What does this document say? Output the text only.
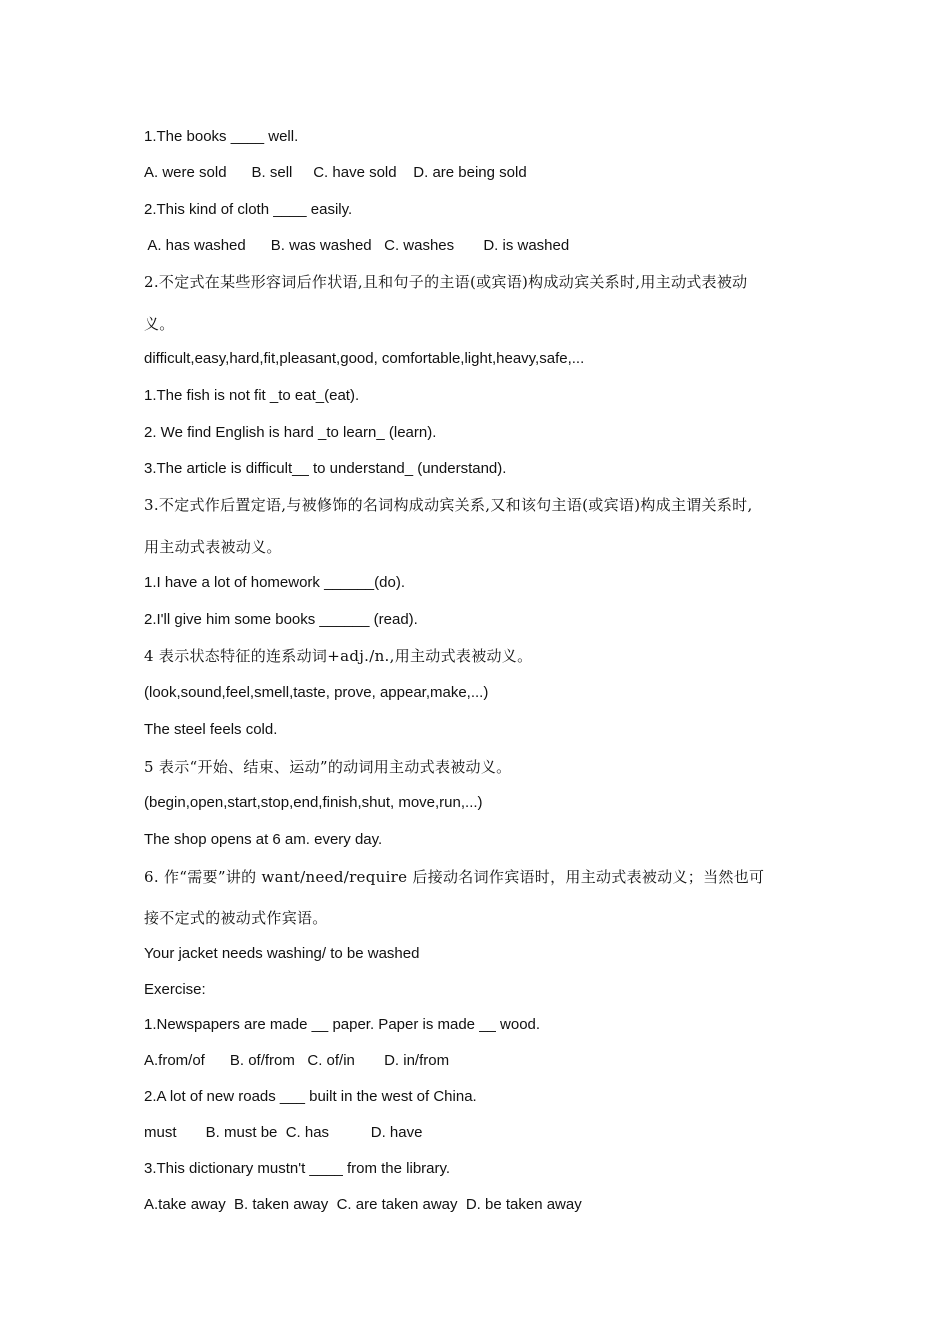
1.The books ____ well.
A. were sold      B. sell     C. have sold    D. are being sold
2.This kind of cloth ____ easily.
A. has washed      B. was washed   C. washes       D. is washed
2.不定式在某些形容词后作状语,且和句子的主语(或宾语)构成动宾关系时,用主动式表被动
义。
difficult,easy,hard,fit,pleasant,good, comfortable,light,heavy,safe,...
1.The fish is not fit _to eat_(eat).
2. We find English is hard _to learn_ (learn).
3.The article is difficult__ to understand_ (understand).
3.不定式作后置定语,与被修饰的名词构成动宾关系,又和该句主语(或宾语)构成主谓关系时,
用主动式表被动义。
1.I have a lot of homework ______(do).
2.I'll give him some books ______ (read).
4 表示状态特征的连系动词+adj./n.,用主动式表被动义。
(look,sound,feel,smell,taste, prove, appear,make,...)
The steel feels cold.
5 表示“开始、结束、运动”的动词用主动式表被动义。
(begin,open,start,stop,end,finish,shut, move,run,...)
The shop opens at 6 am. every day.
6. 作“需要”讲的 want/need/require 后接动名词作宾语时，用主动式表被动义；当然也可
接不定式的被动式作宾语。
Your jacket needs washing/ to be washed
Exercise:
1.Newspapers are made __ paper. Paper is made __ wood.
A.from/of      B. of/from   C. of/in       D. in/from
2.A lot of new roads ___ built in the west of China.
must       B. must be  C. has          D. have
3.This dictionary mustn't ____ from the library.
A.take away  B. taken away  C. are taken away  D. be taken away
